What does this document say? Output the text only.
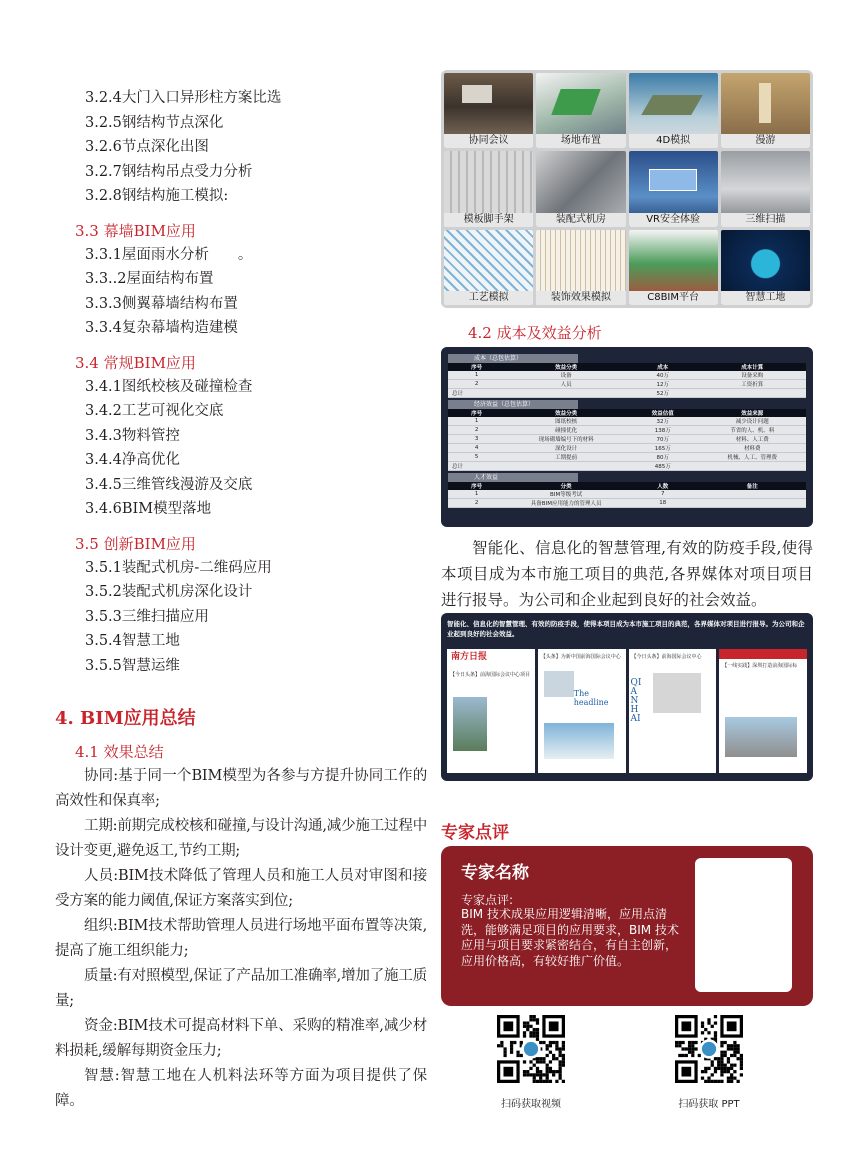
3.2.4大门入口异形柱方案比选
3.2.5钢结构节点深化
3.2.6节点深化出图
3.2.7钢结构吊点受力分析
3.2.8钢结构施工模拟:
3.3 幕墙BIM应用
3.3.1屋面雨水分析　　。
3.3..2屋面结构布置
3.3.3侧翼幕墙结构布置
3.3.4复杂幕墙构造建模
3.4 常规BIM应用
3.4.1图纸校核及碰撞检查
3.4.2工艺可视化交底
3.4.3物料管控
3.4.4净高优化
3.4.5三维管线漫游及交底
3.4.6BIM模型落地
3.5 创新BIM应用
3.5.1装配式机房-二维码应用
3.5.2装配式机房深化设计
3.5.3三维扫描应用
3.5.4智慧工地
3.5.5智慧运维
4. BIM应用总结
4.1 效果总结
协同:基于同一个BIM模型为各参与方提升协同工作的高效性和保真率;
工期:前期完成校核和碰撞,与设计沟通,减少施工过程中设计变更,避免返工,节约工期;
人员:BIM技术降低了管理人员和施工人员对审图和接受方案的能力阈值,保证方案落实到位;
组织:BIM技术帮助管理人员进行场地平面布置等决策,提高了施工组织能力;
质量:有对照模型,保证了产品加工准确率,增加了施工质量;
资金:BIM技术可提高材料下单、采购的精准率,减少材料损耗,缓解每期资金压力;
智慧:智慧工地在人机料法环等方面为项目提供了保障。
协同会议	场地布置	4D模拟	漫游
模板脚手架	装配式机房	VR安全体验	三维扫描
工艺模拟	装饰效果模拟	C8BIM平台	智慧工地
4.2 成本及效益分析
成本（总包估算）
序号	效益分类	成本	成本计算
1	设备	40万	设备采购
2	人员	12万	工资折算
总计		52万	
经济效益（总包估算）
序号	效益分类	效益估值	效益来源
1	图纸校核	32万	减少设计问题
2	碰撞优化	138万	节省的人、机、料
3	现场砌墙编号下的材料	70万	材料、人工费
4	深化设计	165万	材料费
5	工期提前	80万	机械、人工、管理费
总计		485万	
人才效益
序号	分类	人数	备注
1	BIM等级考试	7	
2	具备BIM应用能力的管理人员	18	
智能化、信息化的智慧管理,有效的防疫手段,使得本项目成为本市施工项目的典范,各界媒体对项目项目进行报导。为公司和企业起到良好的社会效益。
智能化、信息化的智慧管理、有效的防疫手段，使得本项目成为本市施工项目的典范，各界媒体对项目进行报导。为公司和企业起到良好的社会效益。
南方日报
【今日头条】前海国际会议中心项目
【头条】为新中国前海国际会议中心
The headline
【今日头条】前海国际会议中心
QIAN HAI
【一线实践】深圳打造前海国际标
专家点评
专家名称
专家点评:
BIM 技术成果应用逻辑清晰，应用点清洗，能够满足项目的应用要求，BIM 技术应用与项目要求紧密结合，有自主创新，应用价格高，有较好推广价值。
扫码获取视频	扫码获取 PPT
